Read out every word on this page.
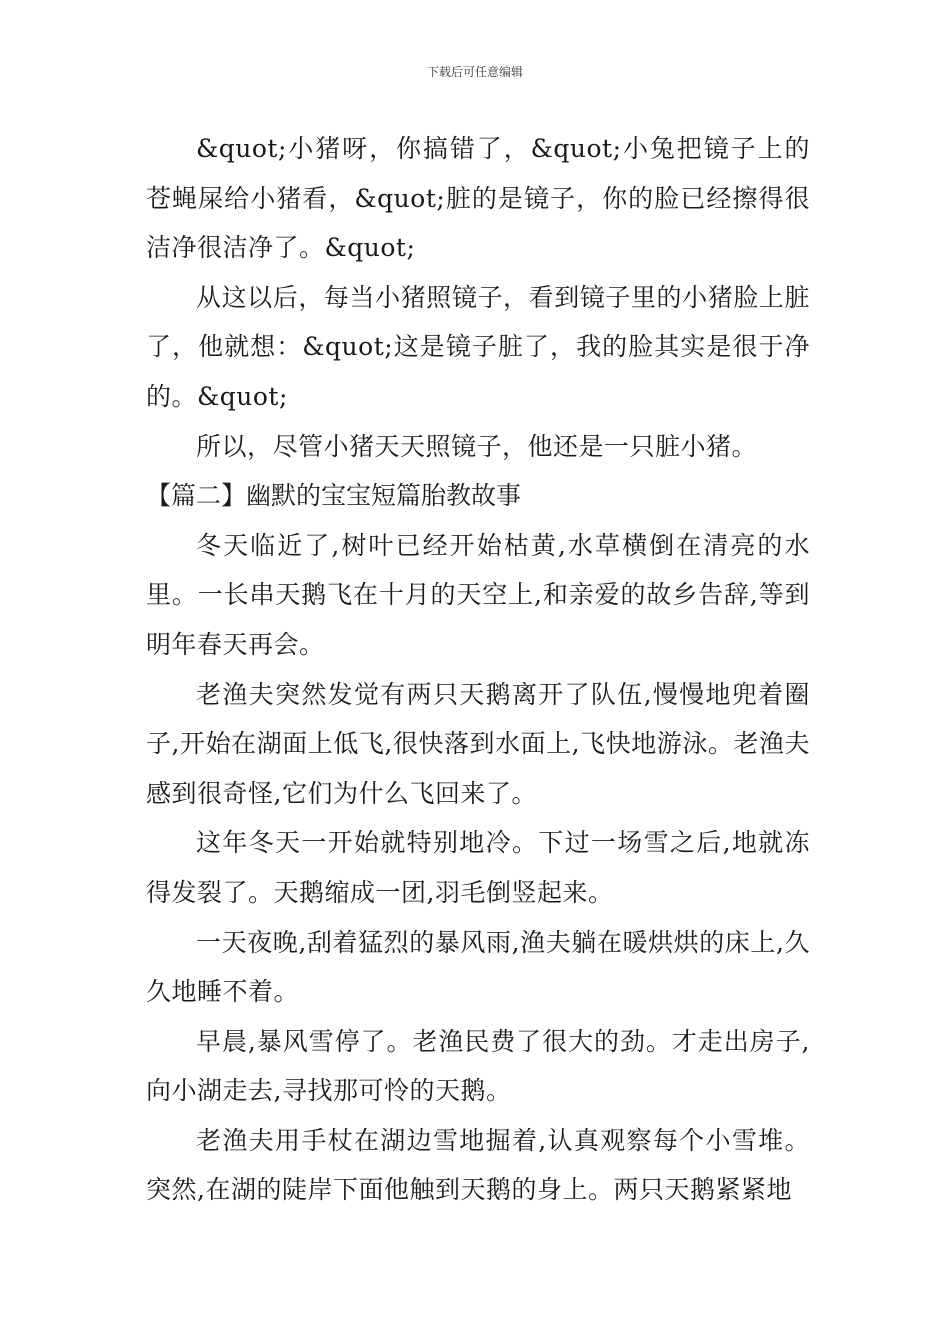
下载后可任意编辑

&quot;小猪呀，你搞错了，&quot;小兔把镜子上的苍蝇屎给小猪看，&quot;脏的是镜子，你的脸已经擦得很洁净很洁净了。&quot;

从这以后，每当小猪照镜子，看到镜子里的小猪脸上脏了，他就想：&quot;这是镜子脏了，我的脸其实是很于净的。&quot;

所以，尽管小猪天天照镜子，他还是一只脏小猪。

【篇二】幽默的宝宝短篇胎教故事

冬天临近了,树叶已经开始枯黄,水草横倒在清亮的水里。一长串天鹅飞在十月的天空上,和亲爱的故乡告辞,等到明年春天再会。

老渔夫突然发觉有两只天鹅离开了队伍,慢慢地兜着圈子,开始在湖面上低飞,很快落到水面上,飞快地游泳。老渔夫感到很奇怪,它们为什么飞回来了。

这年冬天一开始就特别地冷。下过一场雪之后,地就冻得发裂了。天鹅缩成一团,羽毛倒竖起来。

一天夜晚,刮着猛烈的暴风雨,渔夫躺在暖烘烘的床上,久久地睡不着。

早晨,暴风雪停了。老渔民费了很大的劲。才走出房子,向小湖走去,寻找那可怜的天鹅。

老渔夫用手杖在湖边雪地掘着,认真观察每个小雪堆。突然,在湖的陡岸下面他触到天鹅的身上。两只天鹅紧紧地
